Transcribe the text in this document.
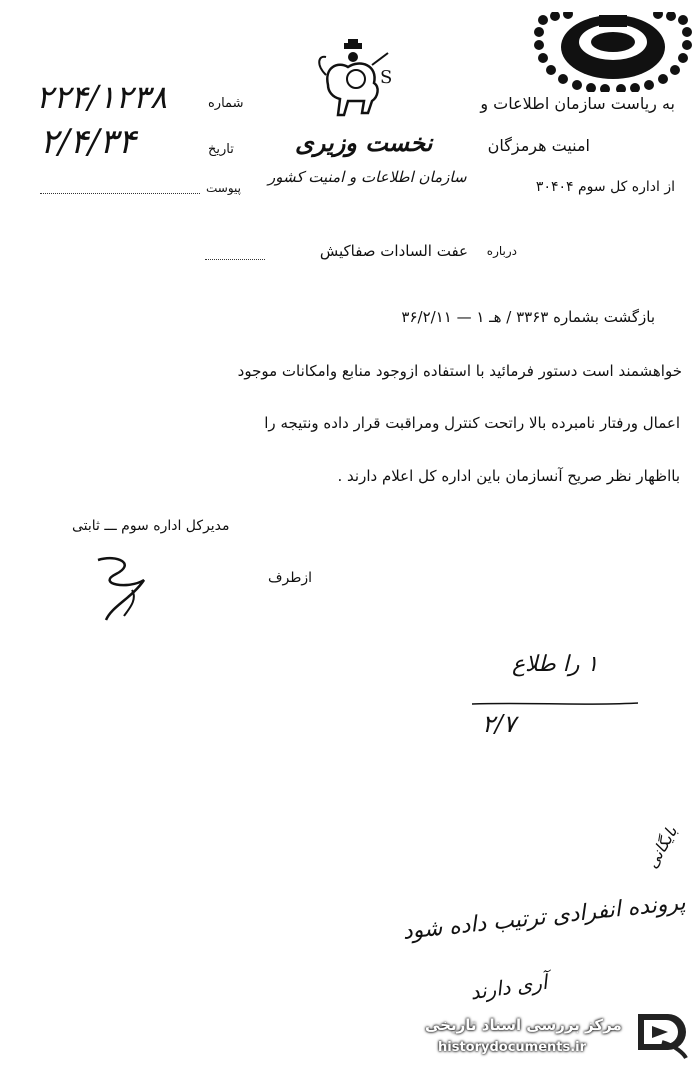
S
به ریاست سازمان اطلاعات و
امنیت هرمزگان
از اداره کل سوم ۳۰۴۰۴
نخست وزیری
سازمان اطلاعات و امنیت کشور
شماره
۲۲۴/۱۲۳۸
تاریخ
۲/۴/۳۴
پیوست
درباره
عفت السادات صفاکیش
بازگشت بشماره ۳۳۶۳ / هـ ۱ — ۳۶/۲/۱۱
خواهشمند است دستور فرمائید با استفاده ازوجود منابع وامکانات موجود
اعمال ورفتار نامبرده بالا راتحت کنترل ومراقبت قرار داده ونتیجه را
بااظهار نظر صریح آنسازمان باین اداره کل اعلام دارند .
مدیرکل اداره سوم ـــ ثابتی
ازطرف
۱ را طلاع
۲/۷
بایگانی
پرونده انفرادی ترتیب داده شود
آری دارند
مرکز بررسی اسناد تاریخی
historydocuments.ir
